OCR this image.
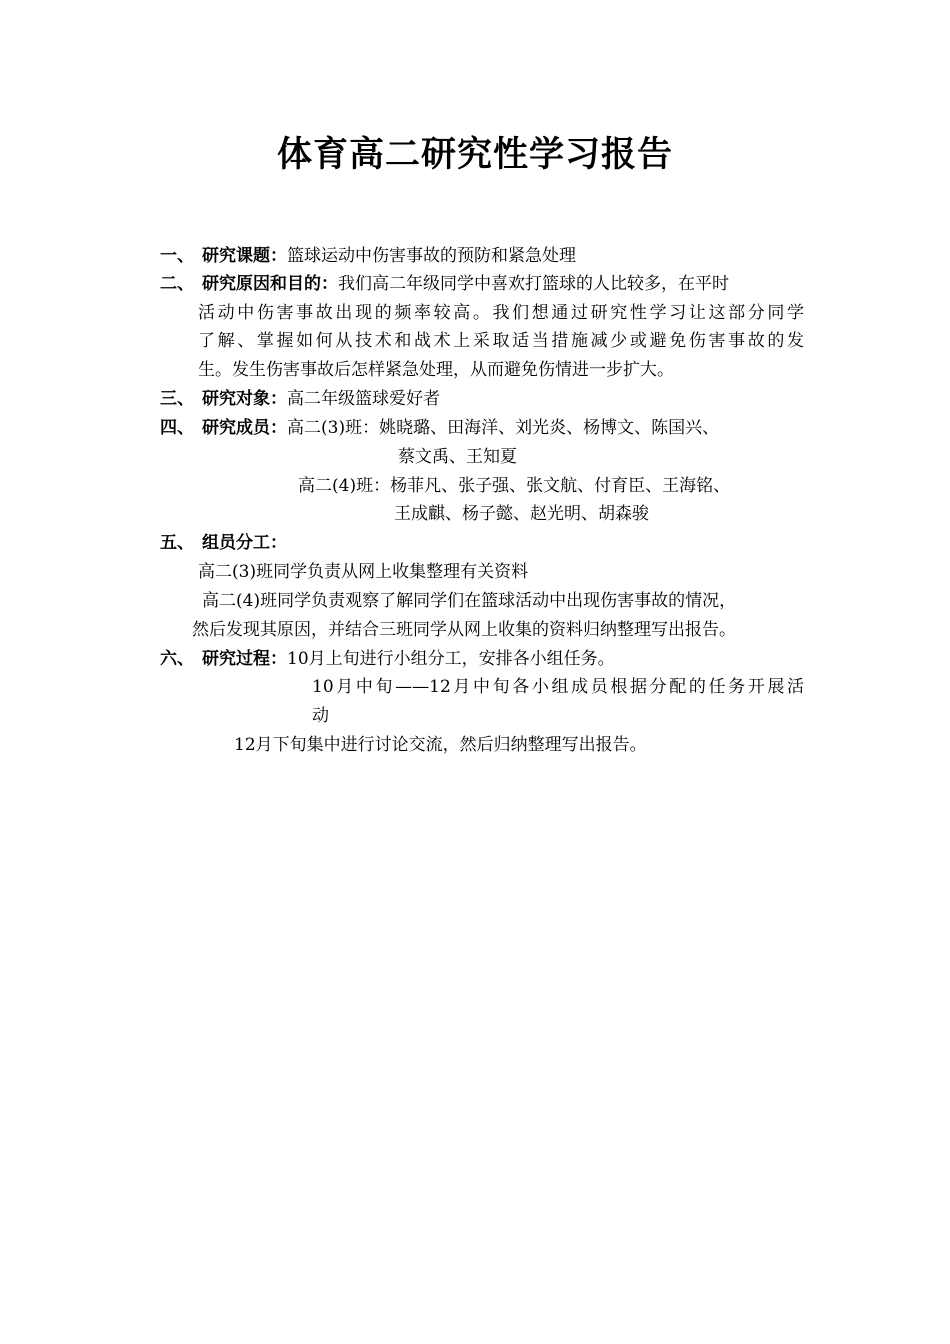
体育高二研究性学习报告
一、 研究课题：篮球运动中伤害事故的预防和紧急处理
二、 研究原因和目的：我们高二年级同学中喜欢打篮球的人比较多，在平时
活动中伤害事故出现的频率较高。我们想通过研究性学习让这部分同学
了解、掌握如何从技术和战术上采取适当措施减少或避免伤害事故的发
生。发生伤害事故后怎样紧急处理，从而避免伤情进一步扩大。
三、 研究对象：高二年级篮球爱好者
四、 研究成员：高二(3)班：姚晓璐、田海洋、刘光炎、杨博文、陈国兴、
蔡文禹、王知夏
高二(4)班：杨菲凡、张子强、张文航、付育臣、王海铭、
王成麒、杨子懿、赵光明、胡森骏
五、 组员分工：
高二(3)班同学负责从网上收集整理有关资料
高二(4)班同学负责观察了解同学们在篮球活动中出现伤害事故的情况，
然后发现其原因，并结合三班同学从网上收集的资料归纳整理写出报告。
六、 研究过程：10月上旬进行小组分工，安排各小组任务。
10月中旬——12月中旬各小组成员根据分配的任务开展活
动
12月下旬集中进行讨论交流，然后归纳整理写出报告。
